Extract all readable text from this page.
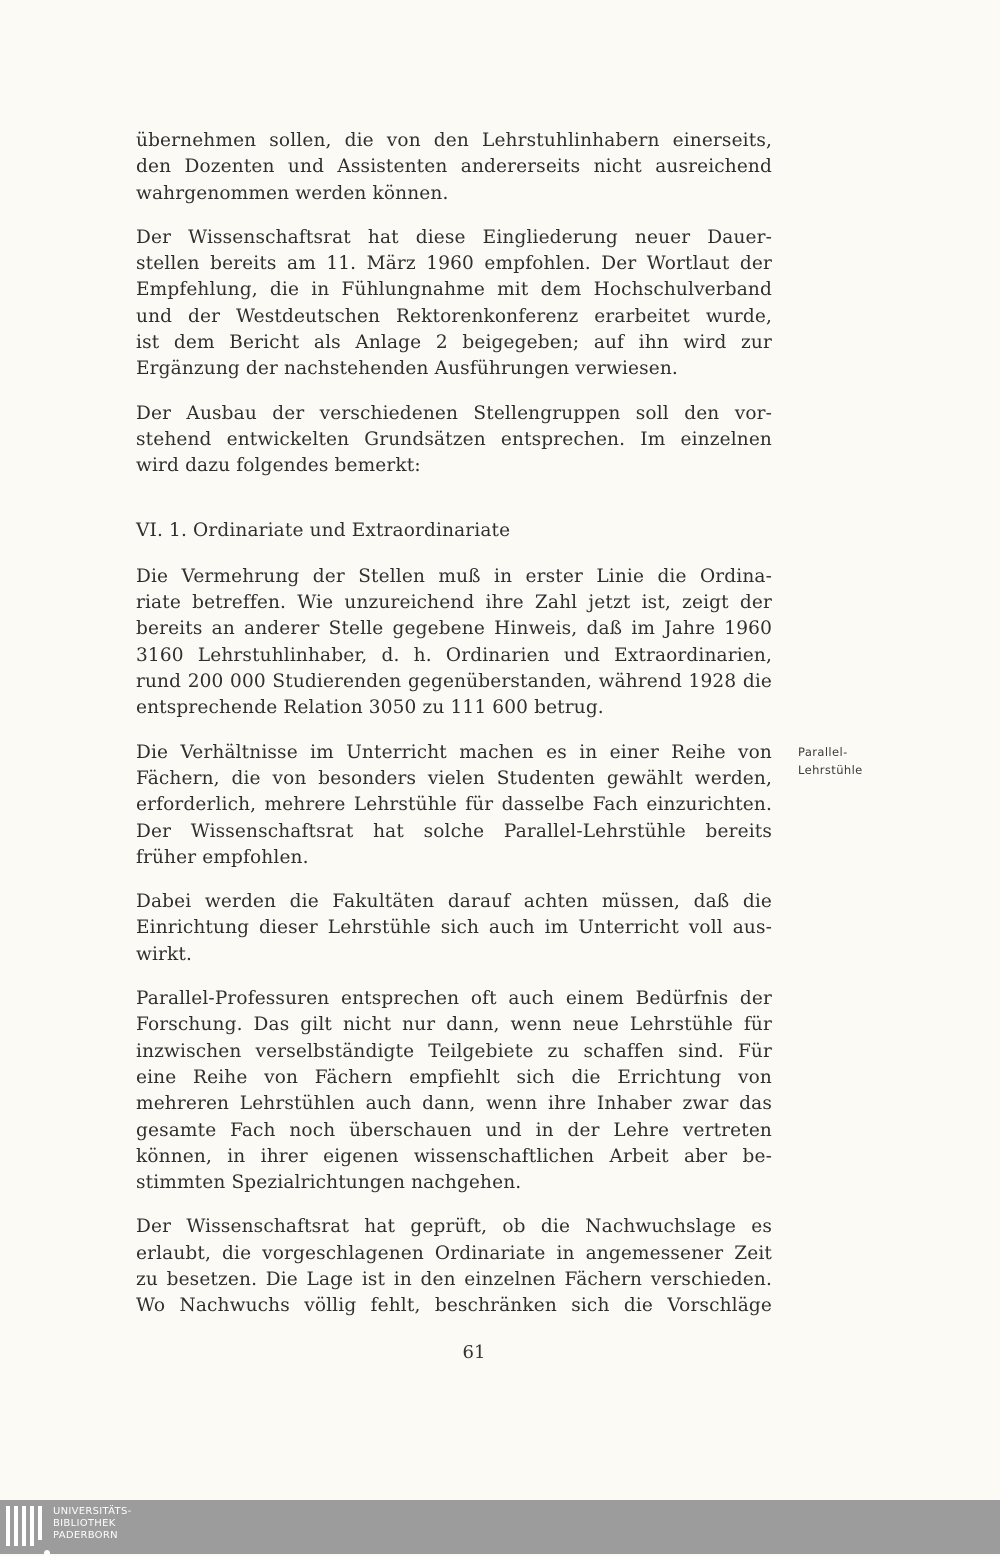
übernehmen sollen, die von den Lehrstuhlinhabern einerseits,
den Dozenten und Assistenten andererseits nicht ausreichend
wahrgenommen werden können.

Der Wissenschaftsrat hat diese Eingliederung neuer Dauer-
stellen bereits am 11. März 1960 empfohlen. Der Wortlaut der
Empfehlung, die in Fühlungnahme mit dem Hochschulverband
und der Westdeutschen Rektorenkonferenz erarbeitet wurde,
ist dem Bericht als Anlage 2 beigegeben; auf ihn wird zur
Ergänzung der nachstehenden Ausführungen verwiesen.

Der Ausbau der verschiedenen Stellengruppen soll den vor-
stehend entwickelten Grundsätzen entsprechen. Im einzelnen
wird dazu folgendes bemerkt:

VI. 1. Ordinariate und Extraordinariate

Die Vermehrung der Stellen muß in erster Linie die Ordina-
riate betreffen. Wie unzureichend ihre Zahl jetzt ist, zeigt der
bereits an anderer Stelle gegebene Hinweis, daß im Jahre 1960
3160 Lehrstuhlinhaber, d. h. Ordinarien und Extraordinarien,
rund 200 000 Studierenden gegenüberstanden, während 1928 die
entsprechende Relation 3050 zu 111 600 betrug.

Die Verhältnisse im Unterricht machen es in einer Reihe von
Fächern, die von besonders vielen Studenten gewählt werden,
erforderlich, mehrere Lehrstühle für dasselbe Fach einzurichten.
Der Wissenschaftsrat hat solche Parallel-Lehrstühle bereits
früher empfohlen.

Dabei werden die Fakultäten darauf achten müssen, daß die
Einrichtung dieser Lehrstühle sich auch im Unterricht voll aus-
wirkt.

Parallel-Professuren entsprechen oft auch einem Bedürfnis der
Forschung. Das gilt nicht nur dann, wenn neue Lehrstühle für
inzwischen verselbständigte Teilgebiete zu schaffen sind. Für
eine Reihe von Fächern empfiehlt sich die Errichtung von
mehreren Lehrstühlen auch dann, wenn ihre Inhaber zwar das
gesamte Fach noch überschauen und in der Lehre vertreten
können, in ihrer eigenen wissenschaftlichen Arbeit aber be-
stimmten Spezialrichtungen nachgehen.

Der Wissenschaftsrat hat geprüft, ob die Nachwuchslage es
erlaubt, die vorgeschlagenen Ordinariate in angemessener Zeit
zu besetzen. Die Lage ist in den einzelnen Fächern verschieden.
Wo Nachwuchs völlig fehlt, beschränken sich die Vorschläge

Parallel-
Lehrstühle
61
UNIVERSITÄTS-
BIBLIOTHEK
PADERBORN
